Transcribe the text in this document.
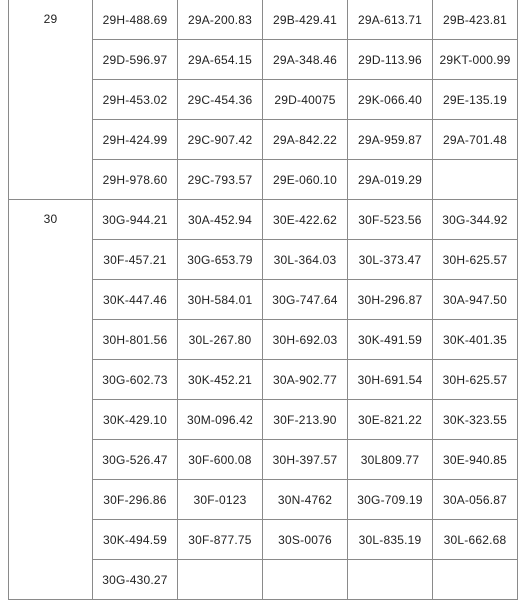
29	29H-488.69	29A-200.83	29B-429.41	29A-613.71	29B-423.81
	29D-596.97	29A-654.15	29A-348.46	29D-113.96	29KT-000.99
	29H-453.02	29C-454.36	29D-40075	29K-066.40	29E-135.19
	29H-424.99	29C-907.42	29A-842.22	29A-959.87	29A-701.48
	29H-978.60	29C-793.57	29E-060.10	29A-019.29	
30	30G-944.21	30A-452.94	30E-422.62	30F-523.56	30G-344.92
	30F-457.21	30G-653.79	30L-364.03	30L-373.47	30H-625.57
	30K-447.46	30H-584.01	30G-747.64	30H-296.87	30A-947.50
	30H-801.56	30L-267.80	30H-692.03	30K-491.59	30K-401.35
	30G-602.73	30K-452.21	30A-902.77	30H-691.54	30H-625.57
	30K-429.10	30M-096.42	30F-213.90	30E-821.22	30K-323.55
	30G-526.47	30F-600.08	30H-397.57	30L809.77	30E-940.85
	30F-296.86	30F-0123	30N-4762	30G-709.19	30A-056.87
	30K-494.59	30F-877.75	30S-0076	30L-835.19	30L-662.68
	30G-430.27				
